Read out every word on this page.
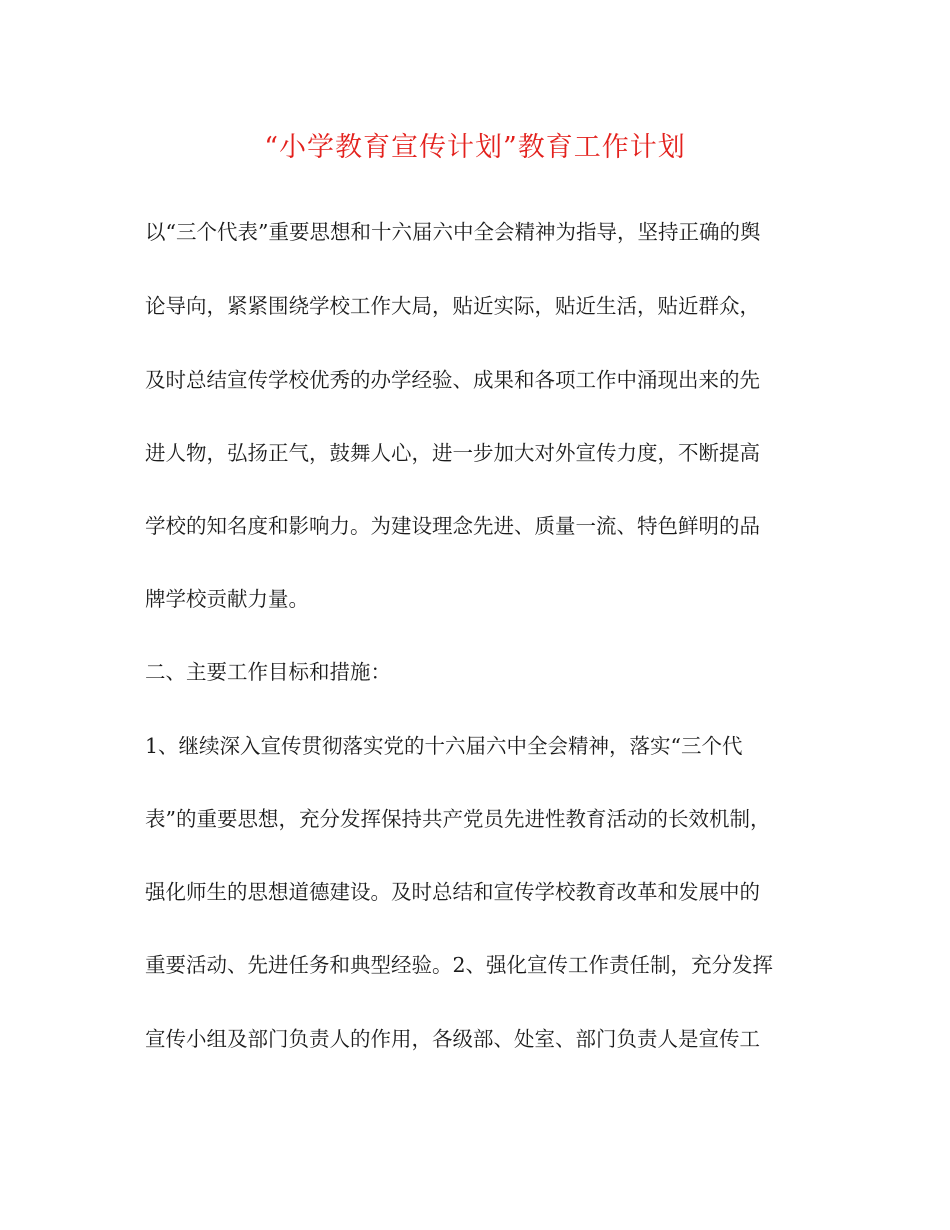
“小学教育宣传计划”教育工作计划
以“三个代表”重要思想和十六届六中全会精神为指导，坚持正确的舆
论导向，紧紧围绕学校工作大局，贴近实际，贴近生活，贴近群众，
及时总结宣传学校优秀的办学经验、成果和各项工作中涌现出来的先
进人物，弘扬正气，鼓舞人心，进一步加大对外宣传力度，不断提高
学校的知名度和影响力。为建设理念先进、质量一流、特色鲜明的品
牌学校贡献力量。
二、主要工作目标和措施：
1、继续深入宣传贯彻落实党的十六届六中全会精神，落实“三个代
表”的重要思想，充分发挥保持共产党员先进性教育活动的长效机制，
强化师生的思想道德建设。及时总结和宣传学校教育改革和发展中的
重要活动、先进任务和典型经验。2、强化宣传工作责任制，充分发挥
宣传小组及部门负责人的作用，各级部、处室、部门负责人是宣传工
